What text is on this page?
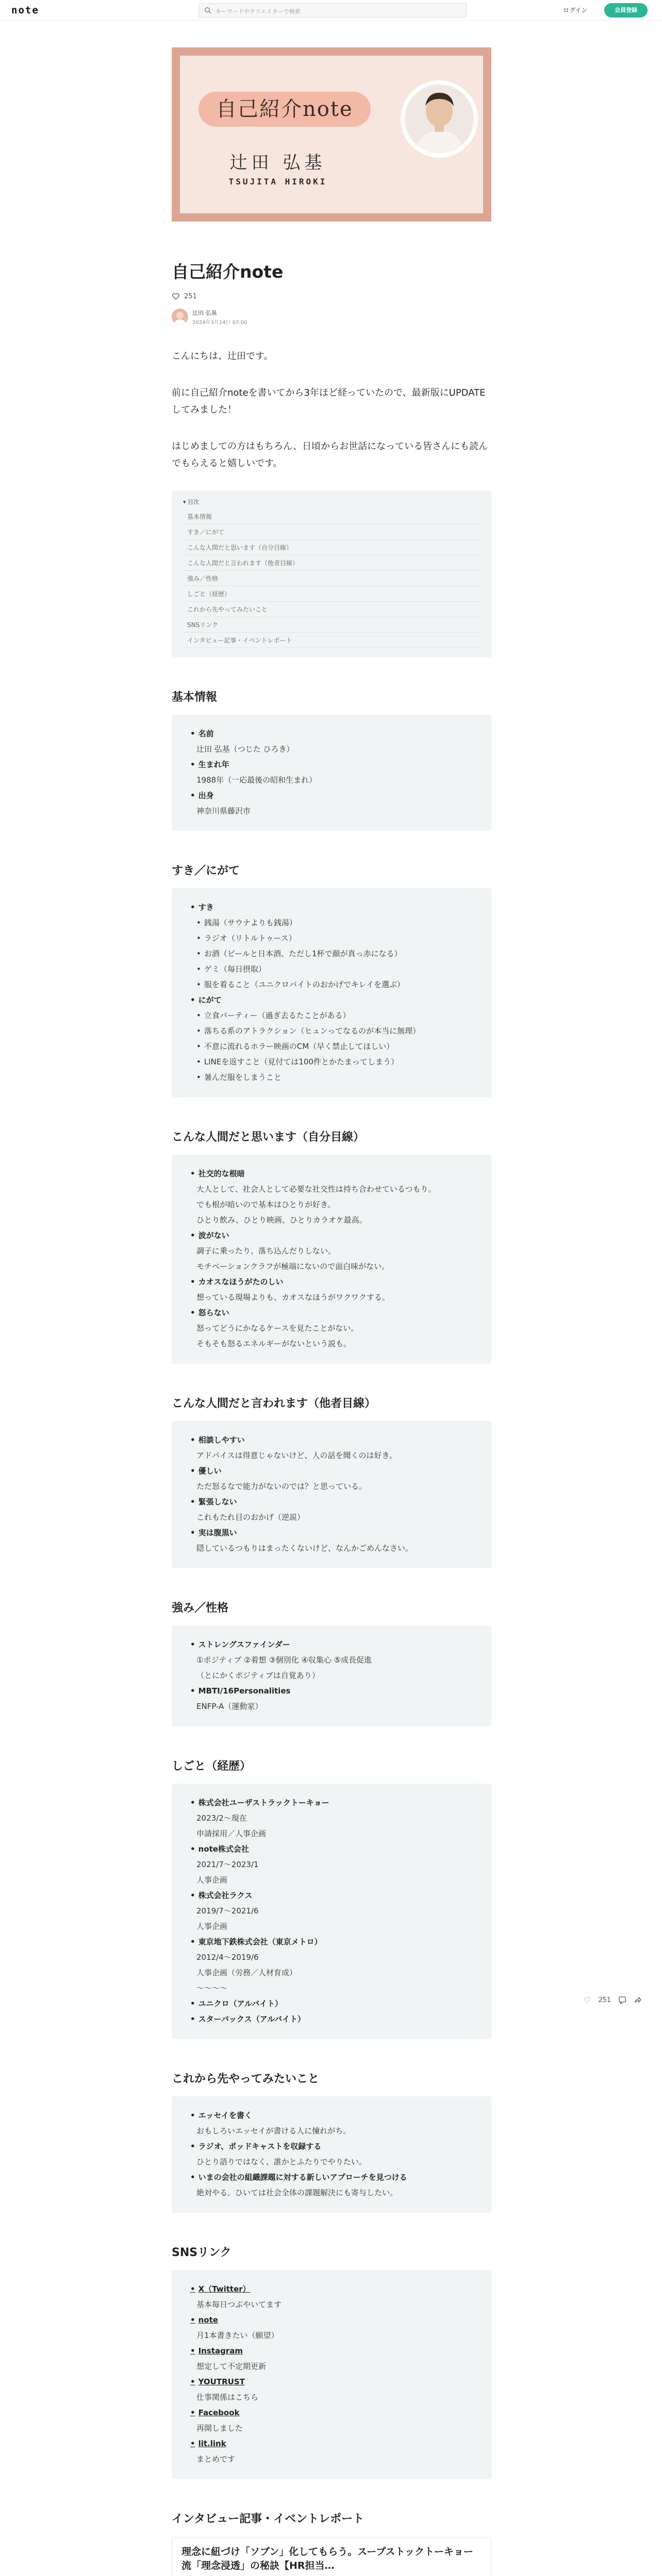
note	キーワードやクリエイターで検索	ログイン	会員登録
自己紹介note
辻田 弘基
TSUJITA HIROKI
自己紹介note
251
辻田 弘基
2024年3月14日 07:00

こんにちは、辻田です。

前に自己紹介noteを書いてから3年ほど経っていたので、最新版にUPDATEしてみました！

はじめましての方はもちろん、日頃からお世話になっている皆さんにも読んでもらえると嬉しいです。

▾ 目次
基本情報
すき／にがて
こんな人間だと思います（自分目線）
こんな人間だと言われます（他者目線）
強み／性格
しごと（経歴）
これから先やってみたいこと
SNSリンク
インタビュー記事・イベントレポート
基本情報
• 名前
辻田 弘基（つじた ひろき）
• 生まれ年
1988年（一応最後の昭和生まれ）
• 出身
神奈川県藤沢市
すき／にがて
• すき
• 銭湯（サウナよりも銭湯）
• ラジオ（リトルトゥース）
• お酒（ビールと日本酒、ただし1杯で顔が真っ赤になる）
• ゲミ（毎日摂取）
• 服を着ること（ユニクロバイトのおかげでキレイを選ぶ）
• にがて
• 立食パーティー（過ぎ去るたことがある）
• 落ちる系のアトラクション（ヒュンってなるのが本当に無理）
• 不意に流れるホラー映画のCM（早く禁止してほしい）
• LINEを返すこと（見付ては100件とかたまってしまう）
• 暑んだ服をしまうこと
こんな人間だと思います（自分目線）
• 社交的な根暗
大人として、社会人として必要な社交性は持ち合わせているつもり。
でも根が暗いので基本はひとりが好き。
ひとり飲み、ひとり映画、ひとりカラオケ最高。
• 波がない
調子に乗ったり、落ち込んだりしない。
モチベーションクラフが極端にないので面白味がない。
• カオスなほうがたのしい
想っている現場よりも、カオスなほうがワクワクする。
• 怒らない
怒ってどうにかなるケースを見たことがない。
そもそも怒るエネルギーがないという説も。
こんな人間だと言われます（他者目線）
• 相談しやすい
アドバイスは得意じゃないけど、人の話を聞くのは好き。
• 優しい
ただ怒るなで能力がないのでは？と思っている。
• 緊張しない
これもたれ目のおかげ（逆説）
• 実は腹黒い
隠しているつもりはまったくないけど、なんかごめんなさい。
強み／性格
• ストレングスファインダー
①ポジティブ ②着想 ③個別化 ④収集心 ⑤成長促進
（とにかくポジティブは自覚あり）
• MBTI/16Personalities
ENFP-A（運動家）
しごと（経歴）
• 株式会社ユーザストラックトーキョー
2023/2〜現在
申請採用／人事企画
• note株式会社
2021/7〜2023/1
人事企画
• 株式会社ラクス
2019/7〜2021/6
人事企画
• 東京地下鉄株式会社（東京メトロ）
2012/4〜2019/6
人事企画（労務／人材育成）
〜〜〜〜
• ユニクロ（アルバイト）
• スターバックス（アルバイト）
これから先やってみたいこと
• エッセイを書く
おもしろいエッセイが書ける人に憧れがち。
• ラジオ、ポッドキャストを収録する
ひとり語りではなく、誰かとふたりでやりたい。
• いまの会社の組織課題に対する新しいアプローチを見つける
絶対やる。ひいては社会全体の課題解決にも寄与したい。
SNSリンク
• X（Twitter）
基本毎日つぶやいてます
• note
月1本書きたい（願望）
• Instagram
想定して不定期更新
• YOUTRUST
仕事関係はこちら
• Facebook
再開しました
• lit.link
まとめです
インタビュー記事・イベントレポート
理念に紐づけ「ソブン」化してもらう。スープストックトーキョー流「理念浸透」の秘訣【HR担当…
♡ 251
